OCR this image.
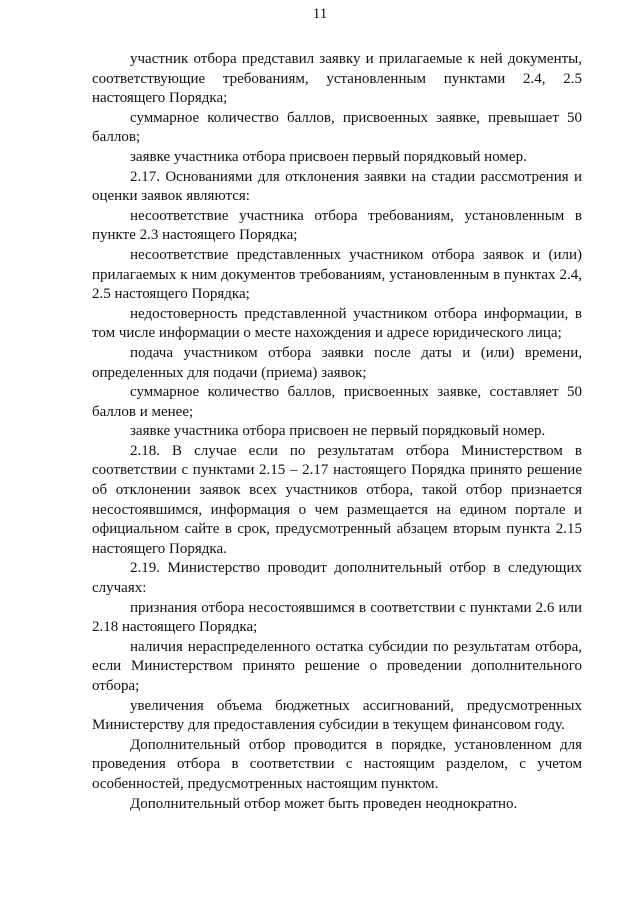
11

участник отбора представил заявку и прилагаемые к ней документы, соответствующие требованиям, установленным пунктами 2.4, 2.5 настоящего Порядка;

суммарное количество баллов, присвоенных заявке, превышает 50 баллов;

заявке участника отбора присвоен первый порядковый номер.

2.17. Основаниями для отклонения заявки на стадии рассмотрения и оценки заявок являются:

несоответствие участника отбора требованиям, установленным в пункте 2.3 настоящего Порядка;

несоответствие представленных участником отбора заявок и (или) прилагаемых к ним документов требованиям, установленным в пунктах 2.4, 2.5 настоящего Порядка;

недостоверность представленной участником отбора информации, в том числе информации о месте нахождения и адресе юридического лица;

подача участником отбора заявки после даты и (или) времени, определенных для подачи (приема) заявок;

суммарное количество баллов, присвоенных заявке, составляет 50 баллов и менее;

заявке участника отбора присвоен не первый порядковый номер.

2.18. В случае если по результатам отбора Министерством в соответствии с пунктами 2.15 – 2.17 настоящего Порядка принято решение об отклонении заявок всех участников отбора, такой отбор признается несостоявшимся, информация о чем размещается на едином портале и официальном сайте в срок, предусмотренный абзацем вторым пункта 2.15 настоящего Порядка.

2.19. Министерство проводит дополнительный отбор в следующих случаях:

признания отбора несостоявшимся в соответствии с пунктами 2.6 или 2.18 настоящего Порядка;

наличия нераспределенного остатка субсидии по результатам отбора, если Министерством принято решение о проведении дополнительного отбора;

увеличения объема бюджетных ассигнований, предусмотренных Министерству для предоставления субсидии в текущем финансовом году.

Дополнительный отбор проводится в порядке, установленном для проведения отбора в соответствии с настоящим разделом, с учетом особенностей, предусмотренных настоящим пунктом.

Дополнительный отбор может быть проведен неоднократно.
